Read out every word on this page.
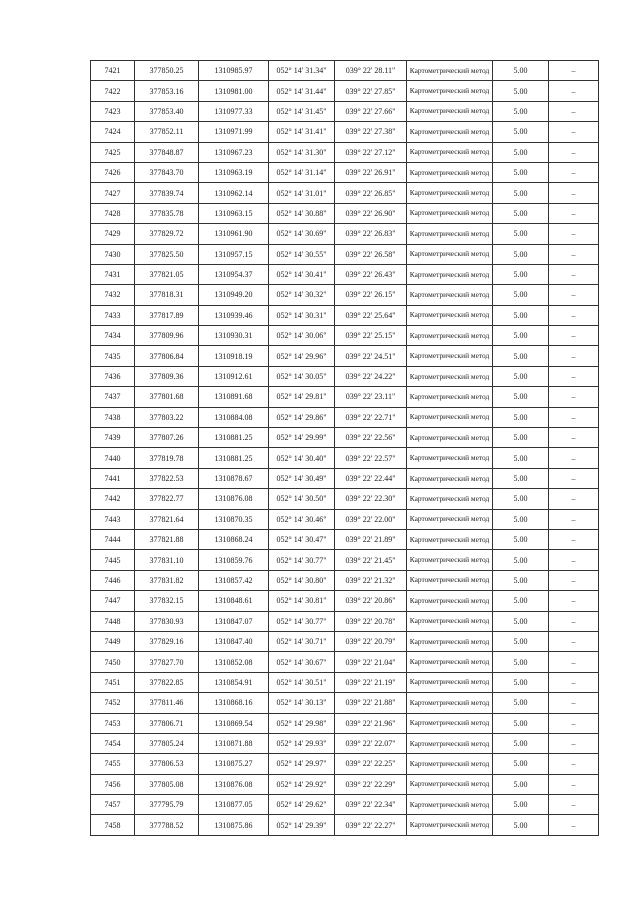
7421	377850.25	1310985.97	052° 14' 31.34"	039° 22' 28.11"	Картометрический метод	5.00	–
7422	377853.16	1310981.00	052° 14' 31.44"	039° 22' 27.85"	Картометрический метод	5.00	–
7423	377853.40	1310977.33	052° 14' 31.45"	039° 22' 27.66"	Картометрический метод	5.00	–
7424	377852.11	1310971.99	052° 14' 31.41"	039° 22' 27.38"	Картометрический метод	5.00	–
7425	377848.87	1310967.23	052° 14' 31.30"	039° 22' 27.12"	Картометрический метод	5.00	–
7426	377843.70	1310963.19	052° 14' 31.14"	039° 22' 26.91"	Картометрический метод	5.00	–
7427	377839.74	1310962.14	052° 14' 31.01"	039° 22' 26.85"	Картометрический метод	5.00	–
7428	377835.78	1310963.15	052° 14' 30.88"	039° 22' 26.90"	Картометрический метод	5.00	–
7429	377829.72	1310961.90	052° 14' 30.69"	039° 22' 26.83"	Картометрический метод	5.00	–
7430	377825.50	1310957.15	052° 14' 30.55"	039° 22' 26.58"	Картометрический метод	5.00	–
7431	377821.05	1310954.37	052° 14' 30.41"	039° 22' 26.43"	Картометрический метод	5.00	–
7432	377818.31	1310949.20	052° 14' 30.32"	039° 22' 26.15"	Картометрический метод	5.00	–
7433	377817.89	1310939.46	052° 14' 30.31"	039° 22' 25.64"	Картометрический метод	5.00	–
7434	377809.96	1310930.31	052° 14' 30.06"	039° 22' 25.15"	Картометрический метод	5.00	–
7435	377806.84	1310918.19	052° 14' 29.96"	039° 22' 24.51"	Картометрический метод	5.00	–
7436	377809.36	1310912.61	052° 14' 30.05"	039° 22' 24.22"	Картометрический метод	5.00	–
7437	377801.68	1310891.68	052° 14' 29.81"	039° 22' 23.11"	Картометрический метод	5.00	–
7438	377803.22	1310884.08	052° 14' 29.86"	039° 22' 22.71"	Картометрический метод	5.00	–
7439	377807.26	1310881.25	052° 14' 29.99"	039° 22' 22.56"	Картометрический метод	5.00	–
7440	377819.78	1310881.25	052° 14' 30.40"	039° 22' 22.57"	Картометрический метод	5.00	–
7441	377822.53	1310878.67	052° 14' 30.49"	039° 22' 22.44"	Картометрический метод	5.00	–
7442	377822.77	1310876.08	052° 14' 30.50"	039° 22' 22.30"	Картометрический метод	5.00	–
7443	377821.64	1310870.35	052° 14' 30.46"	039° 22' 22.00"	Картометрический метод	5.00	–
7444	377821.88	1310868.24	052° 14' 30.47"	039° 22' 21.89"	Картометрический метод	5.00	–
7445	377831.10	1310859.76	052° 14' 30.77"	039° 22' 21.45"	Картометрический метод	5.00	–
7446	377831.82	1310857.42	052° 14' 30.80"	039° 22' 21.32"	Картометрический метод	5.00	–
7447	377832.15	1310848.61	052° 14' 30.81"	039° 22' 20.86"	Картометрический метод	5.00	–
7448	377830.93	1310847.07	052° 14' 30.77"	039° 22' 20.78"	Картометрический метод	5.00	–
7449	377829.16	1310847.40	052° 14' 30.71"	039° 22' 20.79"	Картометрический метод	5.00	–
7450	377827.70	1310852.08	052° 14' 30.67"	039° 22' 21.04"	Картометрический метод	5.00	–
7451	377822.85	1310854.91	052° 14' 30.51"	039° 22' 21.19"	Картометрический метод	5.00	–
7452	377811.46	1310868.16	052° 14' 30.13"	039° 22' 21.88"	Картометрический метод	5.00	–
7453	377806.71	1310869.54	052° 14' 29.98"	039° 22' 21.96"	Картометрический метод	5.00	–
7454	377805.24	1310871.88	052° 14' 29.93"	039° 22' 22.07"	Картометрический метод	5.00	–
7455	377806.53	1310875.27	052° 14' 29.97"	039° 22' 22.25"	Картометрический метод	5.00	–
7456	377805.08	1310876.08	052° 14' 29.92"	039° 22' 22.29"	Картометрический метод	5.00	–
7457	377795.79	1310877.05	052° 14' 29.62"	039° 22' 22.34"	Картометрический метод	5.00	–
7458	377788.52	1310875.86	052° 14' 29.39"	039° 22' 22.27"	Картометрический метод	5.00	–
